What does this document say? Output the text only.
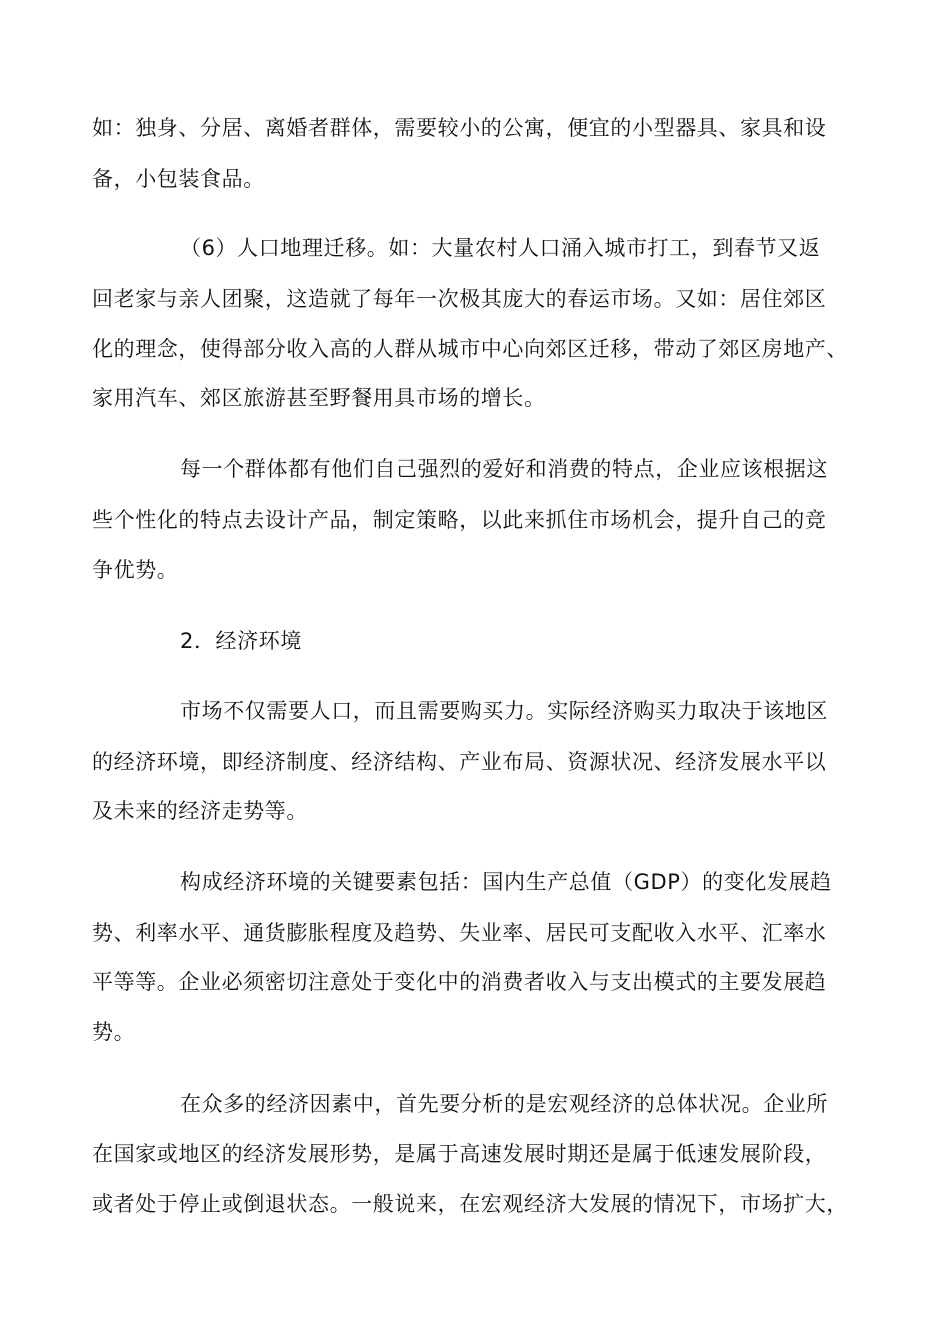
如：独身、分居、离婚者群体，需要较小的公寓，便宜的小型器具、家具和设
备，小包装食品。
（6）人口地理迁移。如：大量农村人口涌入城市打工，到春节又返
回老家与亲人团聚，这造就了每年一次极其庞大的春运市场。又如：居住郊区
化的理念，使得部分收入高的人群从城市中心向郊区迁移，带动了郊区房地产、
家用汽车、郊区旅游甚至野餐用具市场的增长。
每一个群体都有他们自己强烈的爱好和消费的特点，企业应该根据这
些个性化的特点去设计产品，制定策略，以此来抓住市场机会，提升自己的竞
争优势。
2．经济环境
市场不仅需要人口，而且需要购买力。实际经济购买力取决于该地区
的经济环境，即经济制度、经济结构、产业布局、资源状况、经济发展水平以
及未来的经济走势等。
构成经济环境的关键要素包括：国内生产总值（GDP）的变化发展趋
势、利率水平、通货膨胀程度及趋势、失业率、居民可支配收入水平、汇率水
平等等。企业必须密切注意处于变化中的消费者收入与支出模式的主要发展趋
势。
在众多的经济因素中，首先要分析的是宏观经济的总体状况。企业所
在国家或地区的经济发展形势，是属于高速发展时期还是属于低速发展阶段，
或者处于停止或倒退状态。一般说来，在宏观经济大发展的情况下，市场扩大，
